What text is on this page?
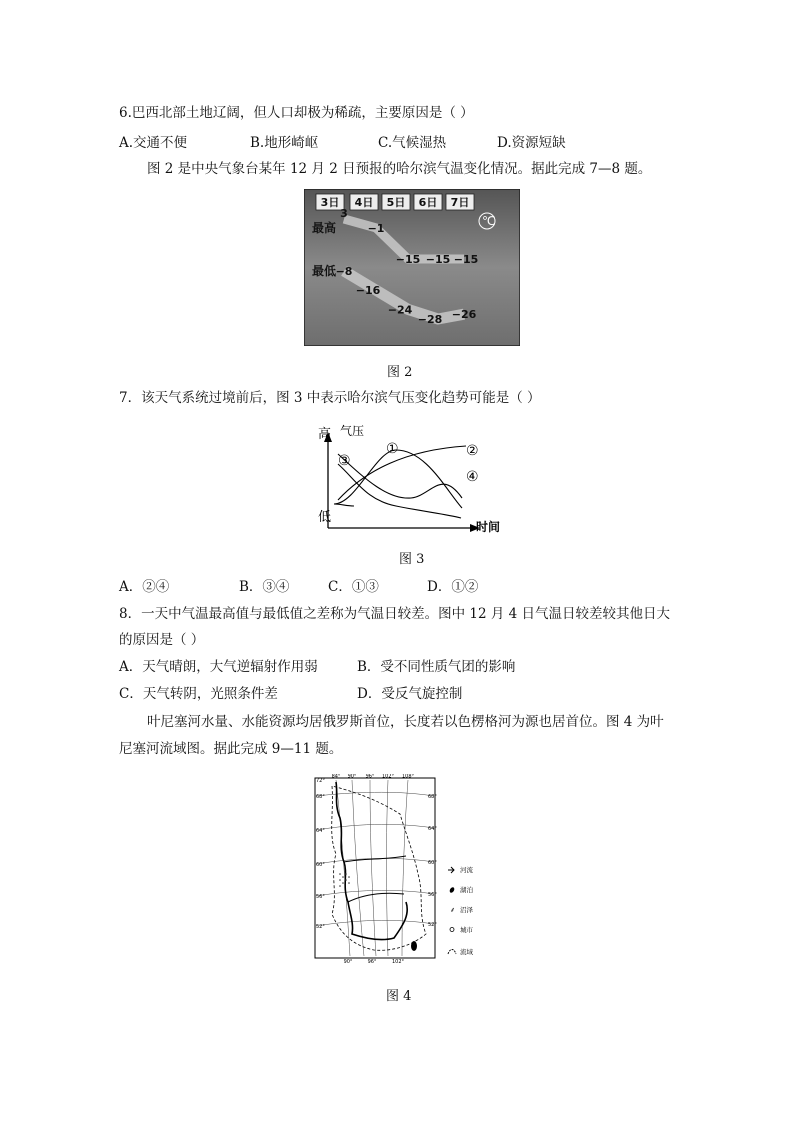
6.巴西北部土地辽阔，但人口却极为稀疏，主要原因是（ ）
A.交通不便	B.地形崎岖	C.气候湿热	D.资源短缺
图 2 是中央气象台某年 12 月 2 日预报的哈尔滨气温变化情况。据此完成 7—8 题。
3日 4日 5日 6日 7日
℃
最高
最低
3
−1
−15 −15 −15
−8
−16
−24
−28 −26
图 2
7．该天气系统过境前后，图 3 中表示哈尔滨气压变化趋势可能是（ ）
高 气压
低
时间
①	②
③
④
图 3
A．②④	B．③④	C．①③	D．①②
8．一天中气温最高值与最低值之差称为气温日较差。图中 12 月 4 日气温日较差较其他日大
的原因是（ ）
A．天气晴朗，大气逆辐射作用弱	B．受不同性质气团的影响
C．天气转阴，光照条件差	D．受反气旋控制
叶尼塞河水量、水能资源均居俄罗斯首位，长度若以色楞格河为源也居首位。图 4 为叶
尼塞河流域图。据此完成 9—11 题。
84° 90° 96° 102° 108°
90°	96°	102°
72°
68°
64°
60°
56°
52°
68°
64°
60°
56°
52°
⸙
河流
湖泊
沼泽
城市
流域
图 4
